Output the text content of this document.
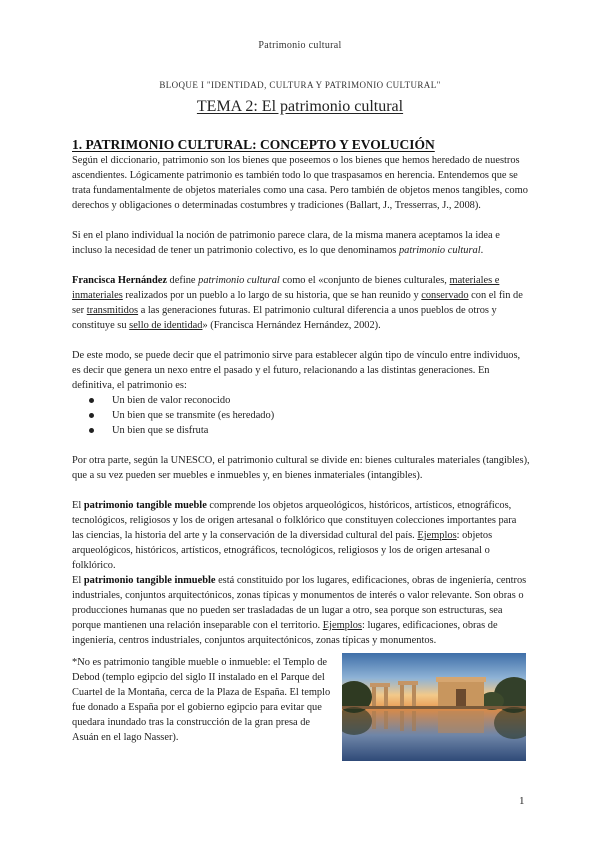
Patrimonio cultural
BLOQUE I "IDENTIDAD, CULTURA Y PATRIMONIO CULTURAL"
TEMA 2: El patrimonio cultural
1. PATRIMONIO CULTURAL: CONCEPTO Y EVOLUCIÓN

Según el diccionario, patrimonio son los bienes que poseemos o los bienes que hemos heredado de nuestros ascendientes. Lógicamente patrimonio es también todo lo que traspasamos en herencia. Entendemos que se trata fundamentalmente de objetos materiales como una casa. Pero también de objetos menos tangibles, como derechos y obligaciones o determinadas costumbres y tradiciones (Ballart, J., Tresserras, J., 2008).

Si en el plano individual la noción de patrimonio parece clara, de la misma manera aceptamos la idea e incluso la necesidad de tener un patrimonio colectivo, es lo que denominamos patrimonio cultural.

Francisca Hernández define patrimonio cultural como el «conjunto de bienes culturales, materiales e inmateriales realizados por un pueblo a lo largo de su historia, que se han reunido y conservado con el fin de ser transmitidos a las generaciones futuras. El patrimonio cultural diferencia a unos pueblos de otros y constituye su sello de identidad» (Francisca Hernández Hernández, 2002).

De este modo, se puede decir que el patrimonio sirve para establecer algún tipo de vínculo entre individuos, es decir que genera un nexo entre el pasado y el futuro, relacionando a las distintas generaciones. En definitiva, el patrimonio es:

Un bien de valor reconocido
Un bien que se transmite (es heredado)
Un bien que se disfruta

Por otra parte, según la UNESCO, el patrimonio cultural se divide en: bienes culturales materiales (tangibles), que a su vez pueden ser muebles e inmuebles y, en bienes inmateriales (intangibles).

El patrimonio tangible mueble comprende los objetos arqueológicos, históricos, artísticos, etnográficos, tecnológicos, religiosos y los de origen artesanal o folklórico que constituyen colecciones importantes para las ciencias, la historia del arte y la conservación de la diversidad cultural del país. Ejemplos: objetos arqueológicos, históricos, artísticos, etnográficos, tecnológicos, religiosos y los de origen artesanal o folklórico.

El patrimonio tangible inmueble está constituido por los lugares, edificaciones, obras de ingeniería, centros industriales, conjuntos arquitectónicos, zonas típicas y monumentos de interés o valor relevante. Son obras o producciones humanas que no pueden ser trasladadas de un lugar a otro, sea porque son estructuras, sea porque mantienen una relación inseparable con el territorio. Ejemplos: lugares, edificaciones, obras de ingeniería, centros industriales, conjuntos arquitectónicos, zonas típicas y monumentos.

*No es patrimonio tangible mueble o inmueble: el Templo de Debod (templo egipcio del siglo II instalado en el Parque del Cuartel de la Montaña, cerca de la Plaza de España. El templo fue donado a España por el gobierno egipcio para evitar que quedara inundado tras la construcción de la gran presa de Asuán en el lago Nasser).

1
